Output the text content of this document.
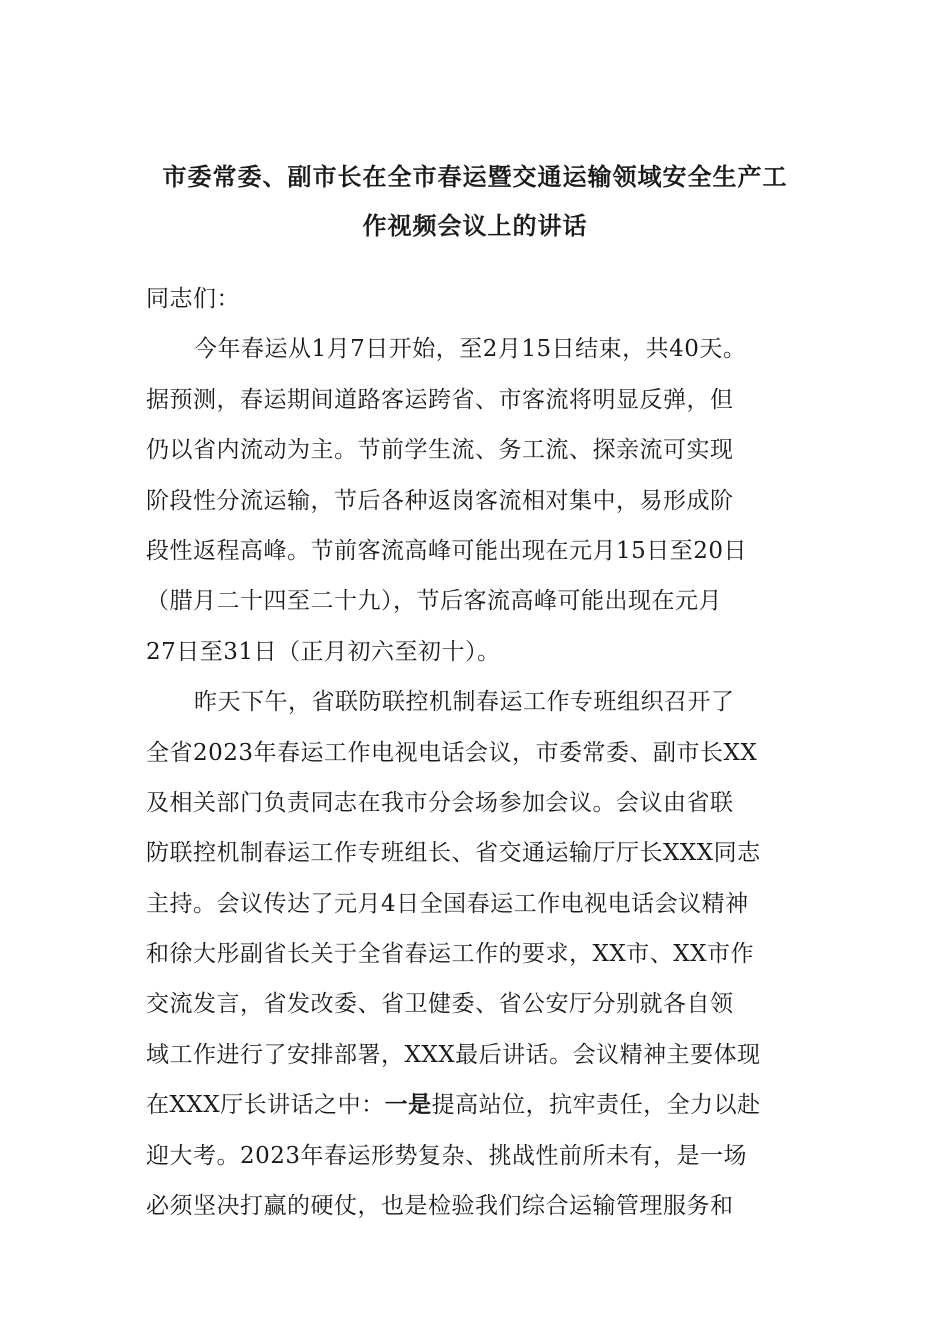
市委常委、副市长在全市春运暨交通运输领域安全生产工
作视频会议上的讲话
同志们：
今年春运从1月7日开始，至2月15日结束，共40天。
据预测，春运期间道路客运跨省、市客流将明显反弹，但
仍以省内流动为主。节前学生流、务工流、探亲流可实现
阶段性分流运输，节后各种返岗客流相对集中，易形成阶
段性返程高峰。节前客流高峰可能出现在元月15日至20日
（腊月二十四至二十九），节后客流高峰可能出现在元月
27日至31日（正月初六至初十）。
昨天下午，省联防联控机制春运工作专班组织召开了
全省2023年春运工作电视电话会议，市委常委、副市长XX
及相关部门负责同志在我市分会场参加会议。会议由省联
防联控机制春运工作专班组长、省交通运输厅厅长XXX同志
主持。会议传达了元月4日全国春运工作电视电话会议精神
和徐大彤副省长关于全省春运工作的要求，XX市、XX市作
交流发言，省发改委、省卫健委、省公安厅分别就各自领
域工作进行了安排部署，XXX最后讲话。会议精神主要体现
在XXX厅长讲话之中：一是提高站位，抗牢责任，全力以赴
迎大考。2023年春运形势复杂、挑战性前所未有，是一场
必须坚决打赢的硬仗，也是检验我们综合运输管理服务和
